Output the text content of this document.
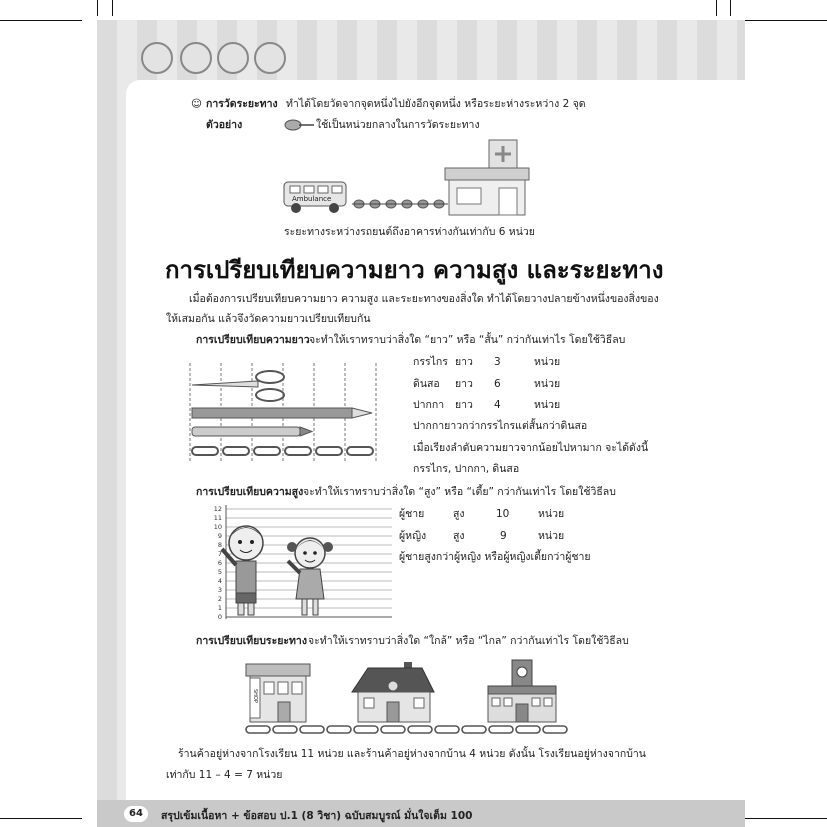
64	สรุปเข้มเนื้อหา + ข้อสอบ ป.1 (8 วิชา) ฉบับสมบูรณ์ มั่นใจเต็ม 100
☺ การวัดระยะทาง ทำได้โดยวัดจากจุดหนึ่งไปยังอีกจุดหนึ่ง หรือระยะห่างระหว่าง 2 จุด
ตัวอย่าง	ใช้เป็นหน่วยกลางในการวัดระยะทาง
Ambulance
ระยะทางระหว่างรถยนต์ถึงอาคารห่างกันเท่ากับ 6 หน่วย
การเปรียบเทียบความยาว ความสูง และระยะทาง
เมื่อต้องการเปรียบเทียบความยาว ความสูง และระยะทางของสิ่งใด ทำได้โดยวางปลายข้างหนึ่งของสิ่งของ
ให้เสมอกัน แล้วจึงวัดความยาวเปรียบเทียบกัน
การเปรียบเทียบความยาว จะทำให้เราทราบว่าสิ่งใด “ยาว” หรือ “สั้น” กว่ากันเท่าไร โดยใช้วิธีลบ
กรรไกร ยาว 3	หน่วย
ดินสอ ยาว 6	หน่วย
ปากกา ยาว 4	หน่วย
ปากกายาวกว่ากรรไกรแต่สั้นกว่าดินสอ
เมื่อเรียงลำดับความยาวจากน้อยไปหามาก จะได้ดังนี้
กรรไกร, ปากกา, ดินสอ
การเปรียบเทียบความสูง จะทำให้เราทราบว่าสิ่งใด “สูง” หรือ “เตี้ย” กว่ากันเท่าไร โดยใช้วิธีลบ
12
11
10
9
8
7
6
5
4
3
2
1
0
ผู้ชาย	สูง	10	หน่วย
ผู้หญิง	สูง	9	หน่วย
ผู้ชายสูงกว่าผู้หญิง หรือผู้หญิงเตี้ยกว่าผู้ชาย
การเปรียบเทียบระยะทาง จะทำให้เราทราบว่าสิ่งใด “ใกล้” หรือ “ไกล” กว่ากันเท่าไร โดยใช้วิธีลบ
SHOP
ร้านค้าอยู่ห่างจากโรงเรียน 11 หน่วย และร้านค้าอยู่ห่างจากบ้าน 4 หน่วย ดังนั้น โรงเรียนอยู่ห่างจากบ้าน
เท่ากับ 11 – 4 = 7 หน่วย
